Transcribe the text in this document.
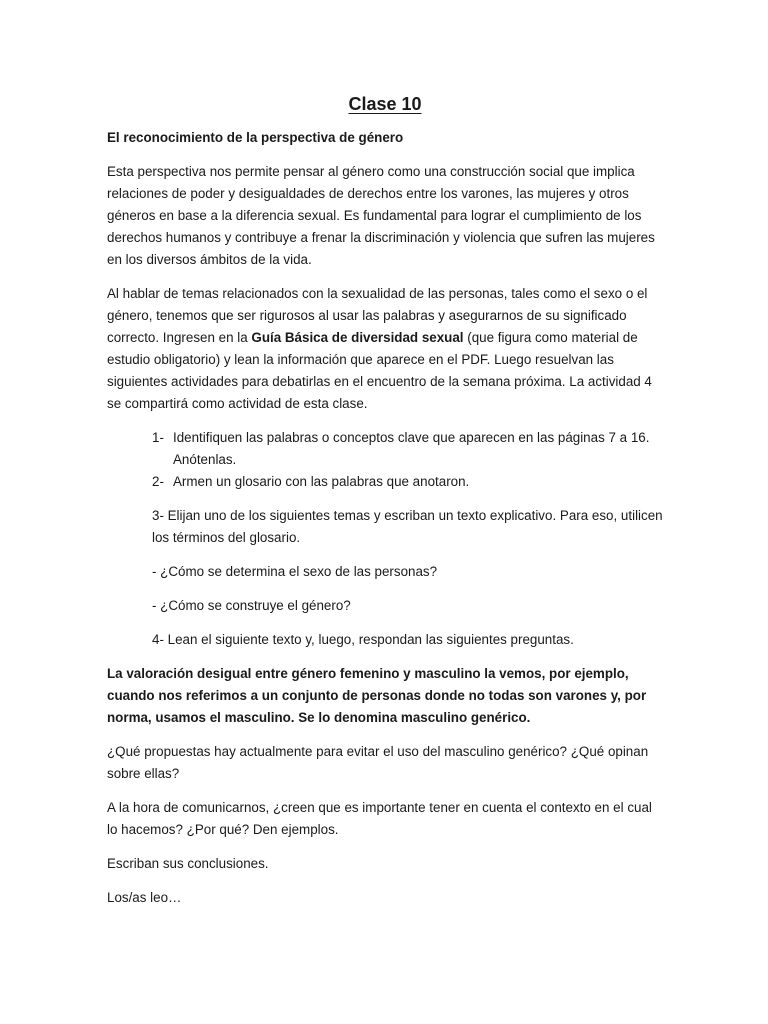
Clase 10
El reconocimiento de la perspectiva de género

Esta perspectiva nos permite pensar al género como una construcción social que implica relaciones de poder y desigualdades de derechos entre los varones, las mujeres y otros géneros en base a la diferencia sexual. Es fundamental para lograr el cumplimiento de los derechos humanos y contribuye a frenar la discriminación y violencia que sufren las mujeres en los diversos ámbitos de la vida.

Al hablar de temas relacionados con la sexualidad de las personas, tales como el sexo o el género, tenemos que ser rigurosos al usar las palabras y asegurarnos de su significado correcto. Ingresen en la Guía Básica de diversidad sexual (que figura como material de estudio obligatorio) y lean la información que aparece en el PDF. Luego resuelvan las siguientes actividades para debatirlas en el encuentro de la semana próxima. La actividad 4 se compartirá como actividad de esta clase.

1- Identifiquen las palabras o conceptos clave que aparecen en las páginas 7 a 16. Anótenlas.
2- Armen un glosario con las palabras que anotaron.

3- Elijan uno de los siguientes temas y escriban un texto explicativo. Para eso, utilicen los términos del glosario.

- ¿Cómo se determina el sexo de las personas?

- ¿Cómo se construye el género?

4- Lean el siguiente texto y, luego, respondan las siguientes preguntas.

La valoración desigual entre género femenino y masculino la vemos, por ejemplo, cuando nos referimos a un conjunto de personas donde no todas son varones y, por norma, usamos el masculino. Se lo denomina masculino genérico.

¿Qué propuestas hay actualmente para evitar el uso del masculino genérico? ¿Qué opinan sobre ellas?

A la hora de comunicarnos, ¿creen que es importante tener en cuenta el contexto en el cual lo hacemos? ¿Por qué? Den ejemplos.

Escriban sus conclusiones.

Los/as leo…
